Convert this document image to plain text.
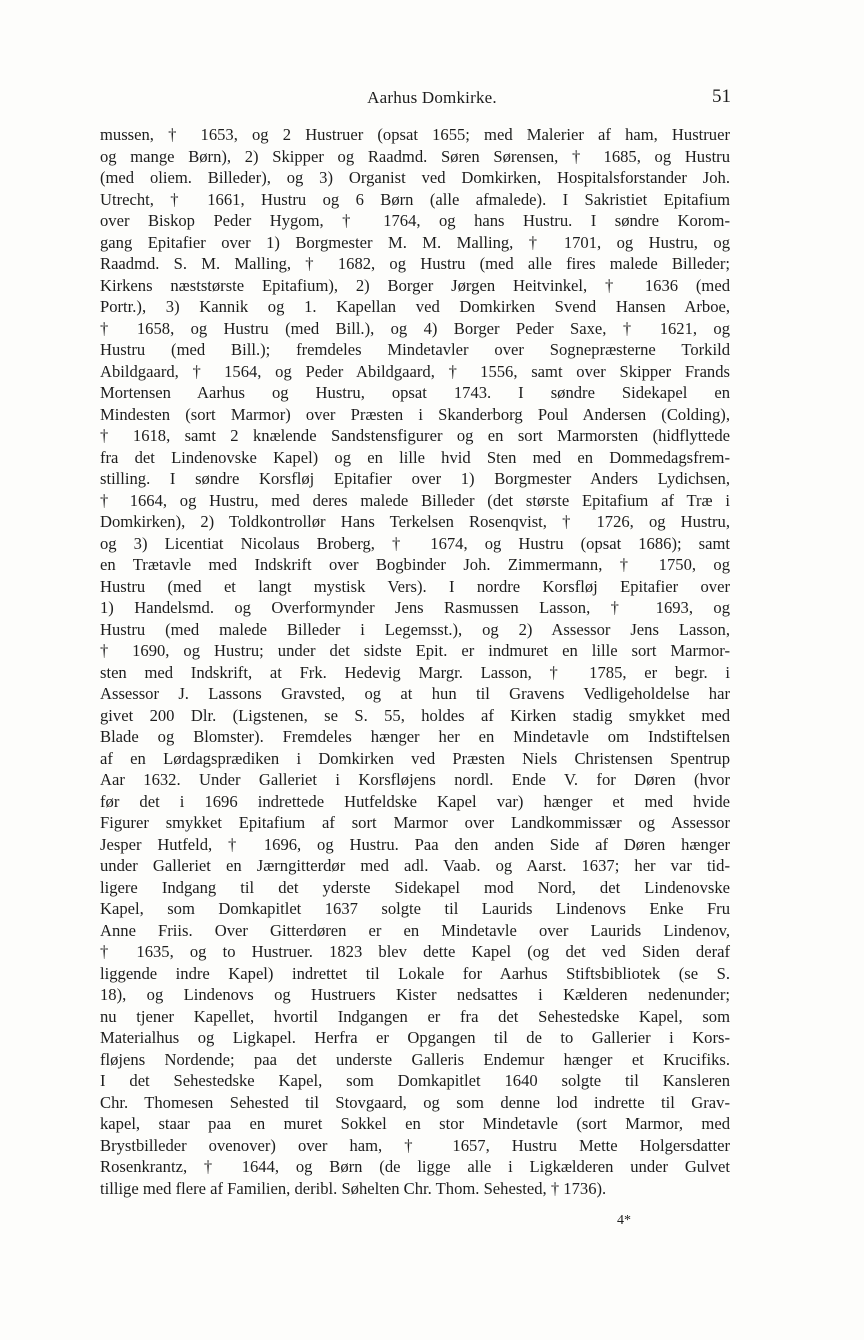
Aarhus Domkirke.	51
mussen, † 1653, og 2 Hustruer (opsat 1655; med Malerier af ham, Hustruer
og mange Børn), 2) Skipper og Raadmd. Søren Sørensen, † 1685, og Hustru
(med oliem. Billeder), og 3) Organist ved Domkirken, Hospitalsforstander Joh.
Utrecht, † 1661, Hustru og 6 Børn (alle afmalede). I Sakristiet Epitafium
over Biskop Peder Hygom, † 1764, og hans Hustru. I søndre Korom-
gang Epitafier over 1) Borgmester M. M. Malling, † 1701, og Hustru, og
Raadmd. S. M. Malling, † 1682, og Hustru (med alle fires malede Billeder;
Kirkens næststørste Epitafium), 2) Borger Jørgen Heitvinkel, † 1636 (med
Portr.), 3) Kannik og 1. Kapellan ved Domkirken Svend Hansen Arboe,
† 1658, og Hustru (med Bill.), og 4) Borger Peder Saxe, † 1621, og
Hustru (med Bill.); fremdeles Mindetavler over Sognepræsterne Torkild
Abildgaard, † 1564, og Peder Abildgaard, † 1556, samt over Skipper Frands
Mortensen Aarhus og Hustru, opsat 1743. I søndre Sidekapel en
Mindesten (sort Marmor) over Præsten i Skanderborg Poul Andersen (Colding),
† 1618, samt 2 knælende Sandstensfigurer og en sort Marmorsten (hidflyttede
fra det Lindenovske Kapel) og en lille hvid Sten med en Dommedagsfrem-
stilling. I søndre Korsfløj Epitafier over 1) Borgmester Anders Lydichsen,
† 1664, og Hustru, med deres malede Billeder (det største Epitafium af Træ i
Domkirken), 2) Toldkontrollør Hans Terkelsen Rosenqvist, † 1726, og Hustru,
og 3) Licentiat Nicolaus Broberg, † 1674, og Hustru (opsat 1686); samt
en Trætavle med Indskrift over Bogbinder Joh. Zimmermann, † 1750, og
Hustru (med et langt mystisk Vers). I nordre Korsfløj Epitafier over
1) Handelsmd. og Overformynder Jens Rasmussen Lasson, † 1693, og
Hustru (med malede Billeder i Legemsst.), og 2) Assessor Jens Lasson,
† 1690, og Hustru; under det sidste Epit. er indmuret en lille sort Marmor-
sten med Indskrift, at Frk. Hedevig Margr. Lasson, † 1785, er begr. i
Assessor J. Lassons Gravsted, og at hun til Gravens Vedligeholdelse har
givet 200 Dlr. (Ligstenen, se S. 55, holdes af Kirken stadig smykket med
Blade og Blomster). Fremdeles hænger her en Mindetavle om Indstiftelsen
af en Lørdagsprædiken i Domkirken ved Præsten Niels Christensen Spentrup
Aar 1632. Under Galleriet i Korsfløjens nordl. Ende V. for Døren (hvor
før det i 1696 indrettede Hutfeldske Kapel var) hænger et med hvide
Figurer smykket Epitafium af sort Marmor over Landkommissær og Assessor
Jesper Hutfeld, † 1696, og Hustru. Paa den anden Side af Døren hænger
under Galleriet en Jærngitterdør med adl. Vaab. og Aarst. 1637; her var tid-
ligere Indgang til det yderste Sidekapel mod Nord, det Lindenovske
Kapel, som Domkapitlet 1637 solgte til Laurids Lindenovs Enke Fru
Anne Friis. Over Gitterdøren er en Mindetavle over Laurids Lindenov,
† 1635, og to Hustruer. 1823 blev dette Kapel (og det ved Siden deraf
liggende indre Kapel) indrettet til Lokale for Aarhus Stiftsbibliotek (se S.
18), og Lindenovs og Hustruers Kister nedsattes i Kælderen nedenunder;
nu tjener Kapellet, hvortil Indgangen er fra det Sehestedske Kapel, som
Materialhus og Ligkapel. Herfra er Opgangen til de to Gallerier i Kors-
fløjens Nordende; paa det underste Galleris Endemur hænger et Krucifiks.
I det Sehestedske Kapel, som Domkapitlet 1640 solgte til Kansleren
Chr. Thomesen Sehested til Stovgaard, og som denne lod indrette til Grav-
kapel, staar paa en muret Sokkel en stor Mindetavle (sort Marmor, med
Brystbilleder ovenover) over ham, † 1657, Hustru Mette Holgersdatter
Rosenkrantz, † 1644, og Børn (de ligge alle i Ligkælderen under Gulvet
tillige med flere af Familien, deribl. Søhelten Chr. Thom. Sehested, † 1736).
4*
